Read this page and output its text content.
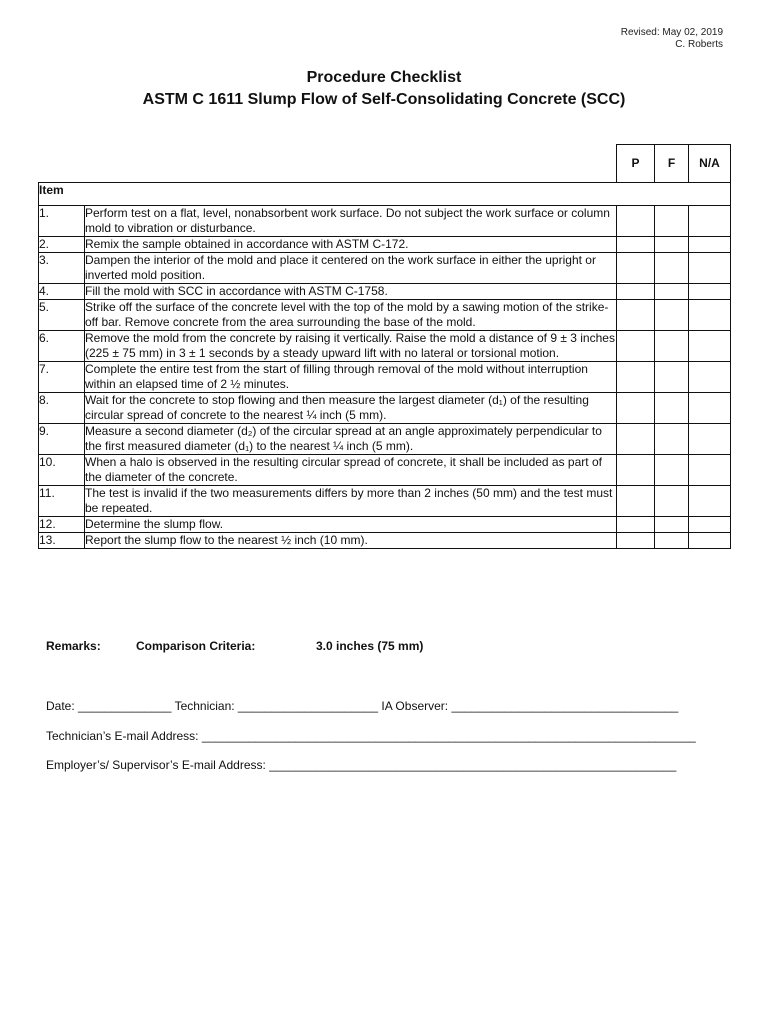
Revised: May 02, 2019
C. Roberts
Procedure Checklist
ASTM C 1611 Slump Flow of Self-Consolidating Concrete (SCC)
		P	F	N/A
Item				
1.	Perform test on a flat, level, nonabsorbent work surface. Do not subject the work surface or column mold to vibration or disturbance.			
2.	Remix the sample obtained in accordance with ASTM C-172.			
3.	Dampen the interior of the mold and place it centered on the work surface in either the upright or inverted mold position.			
4.	Fill the mold with SCC in accordance with ASTM C-1758.			
5.	Strike off the surface of the concrete level with the top of the mold by a sawing motion of the strike-off bar. Remove concrete from the area surrounding the base of the mold.			
6.	Remove the mold from the concrete by raising it vertically. Raise the mold a distance of 9 ± 3 inches (225 ± 75 mm) in 3 ± 1 seconds by a steady upward lift with no lateral or torsional motion.			
7.	Complete the entire test from the start of filling through removal of the mold without interruption within an elapsed time of 2 ½ minutes.			
8.	Wait for the concrete to stop flowing and then measure the largest diameter (d₁) of the resulting circular spread of concrete to the nearest ¼ inch (5 mm).			
9.	Measure a second diameter (d₂) of the circular spread at an angle approximately perpendicular to the first measured diameter (d₁) to the nearest ¼ inch (5 mm).			
10.	When a halo is observed in the resulting circular spread of concrete, it shall be included as part of the diameter of the concrete.			
11.	The test is invalid if the two measurements differs by more than 2 inches (50 mm) and the test must be repeated.			
12.	Determine the slump flow.			
13.	Report the slump flow to the nearest ½ inch (10 mm).			
Remarks:	Comparison Criteria:	3.0 inches (75 mm)
Date: ______________ Technician: _____________________ IA Observer: __________________________________
Technician’s E-mail Address: __________________________________________________________________________
Employer’s/ Supervisor’s E-mail Address: _____________________________________________________________
